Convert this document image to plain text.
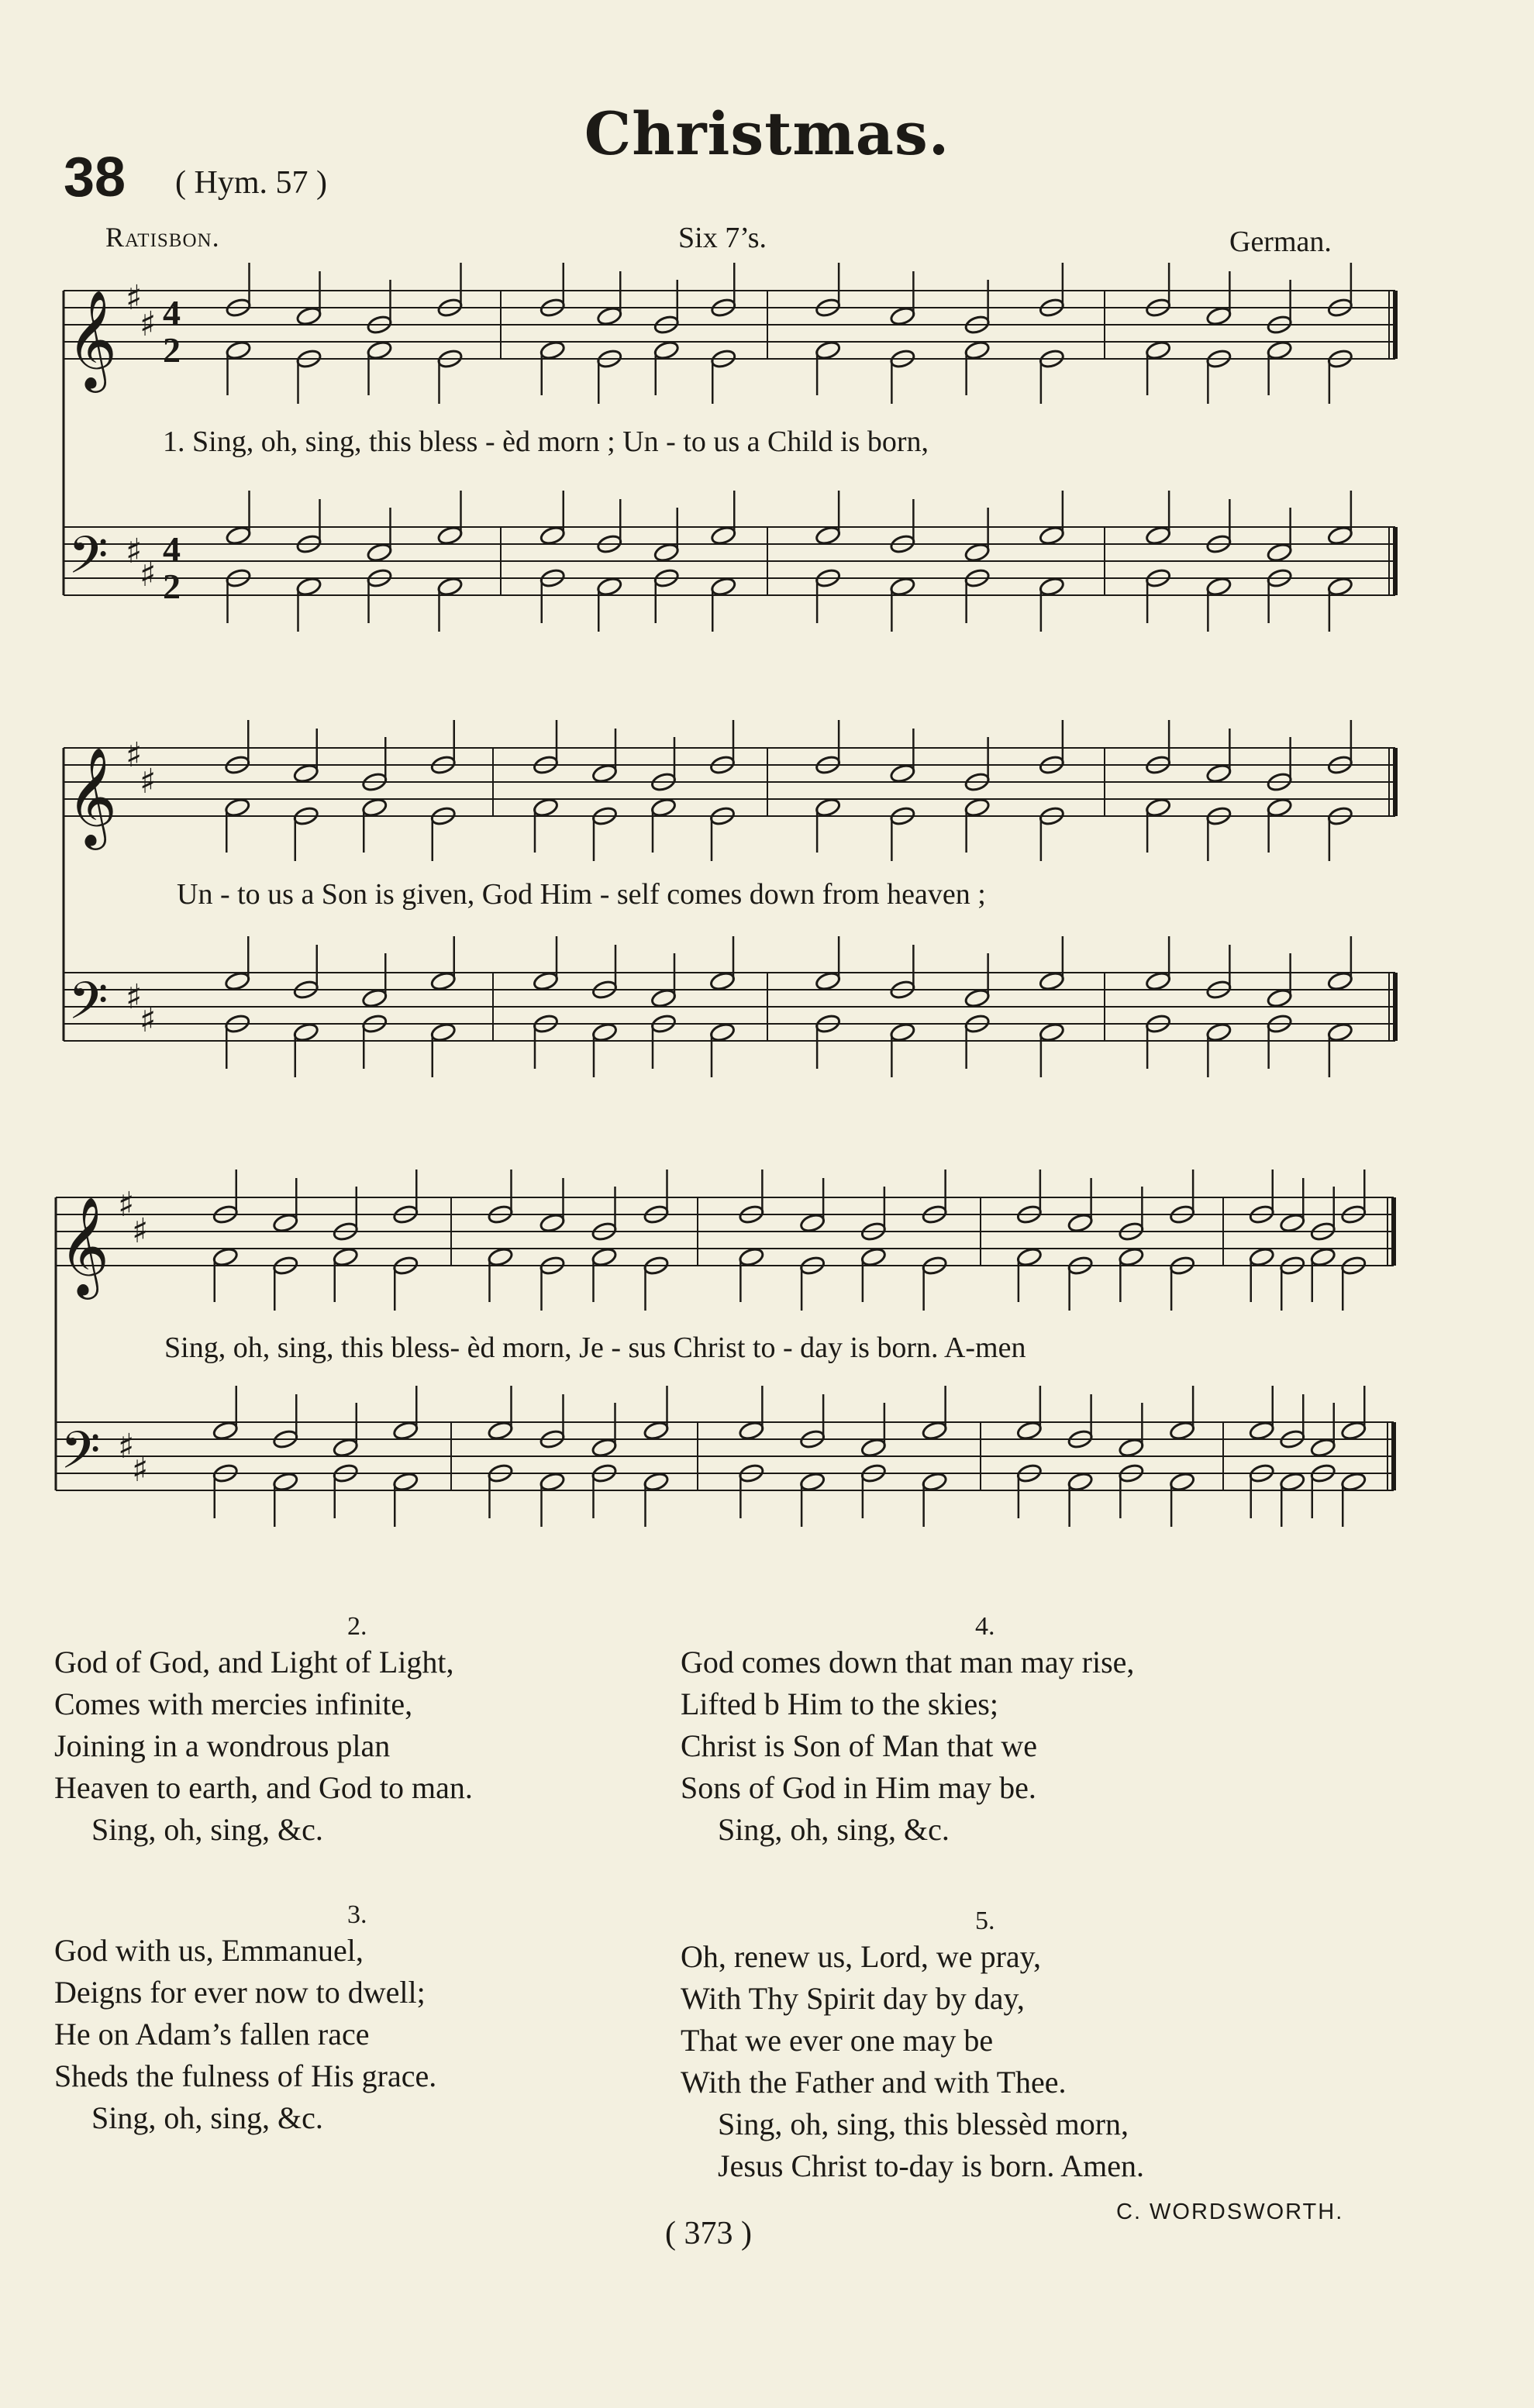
Christmas.
38 ( Hym. 57 )
Ratisbon.	Six 7’s.	German.
𝄞 ♯
♯
𝄢 ♯
♯
4
2
4
2
𝄞 ♯
♯
𝄢 ♯
♯
𝄞 ♯
♯
𝄢 ♯
♯
1. Sing, oh, sing, this bless - èd morn ; Un - to us a Child is born,
Un - to us a Son is given, God Him - self comes down from heaven ;
Sing, oh, sing, this bless- èd morn, Je - sus Christ to - day is born. A-men
2.
God of God, and Light of Light,
Comes with mercies infinite,
Joining in a wondrous plan
Heaven to earth, and God to man.
Sing, oh, sing, &c.
3.
God with us, Emmanuel,
Deigns for ever now to dwell;
He on Adam’s fallen race
Sheds the fulness of His grace.
Sing, oh, sing, &c.
4.
God comes down that man may rise,
Lifted b Him to the skies;
Christ is Son of Man that we
Sons of God in Him may be.
Sing, oh, sing, &c.
5.
Oh, renew us, Lord, we pray,
With Thy Spirit day by day,
That we ever one may be
With the Father and with Thee.
Sing, oh, sing, this blessèd morn,
Jesus Christ to-day is born. Amen.
C. WORDSWORTH.
( 373 )
